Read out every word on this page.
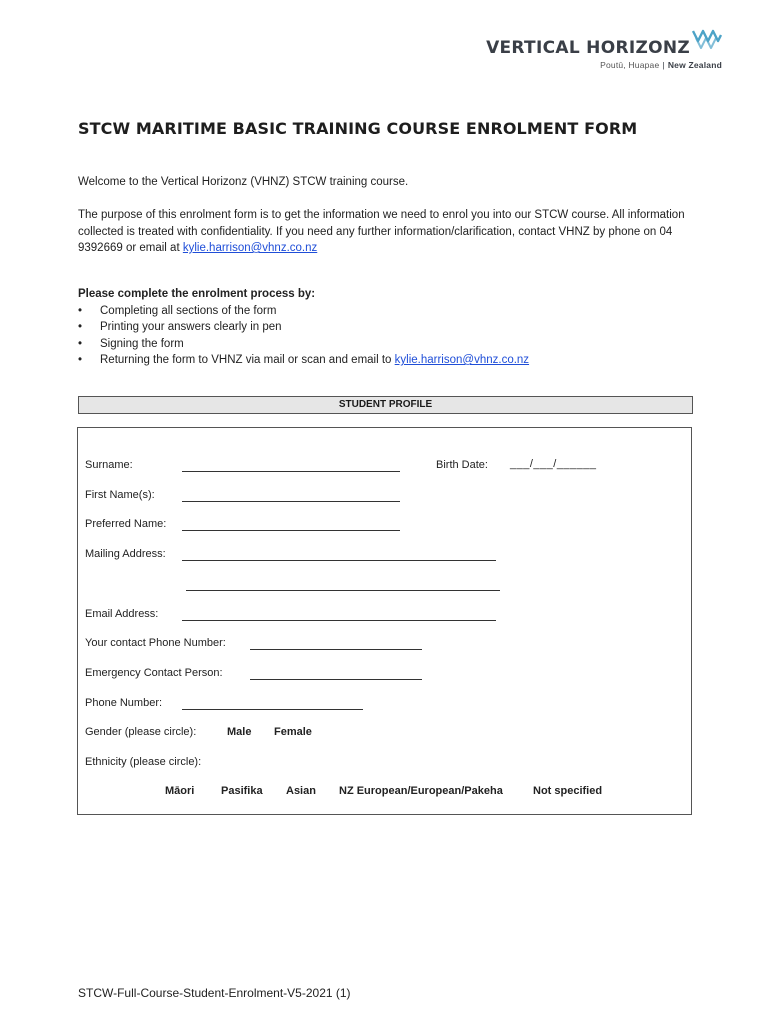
VERTICAL HORIZONZ
Poutū, Huapae | New Zealand
STCW MARITIME BASIC TRAINING COURSE ENROLMENT FORM
Welcome to the Vertical Horizonz (VHNZ) STCW training course.
The purpose of this enrolment form is to get the information we need to enrol you into our STCW course. All information collected is treated with confidentiality. If you need any further information/clarification, contact VHNZ by phone on 04 9392669 or email at kylie.harrison@vhnz.co.nz
Please complete the enrolment process by:
• Completing all sections of the form
• Printing your answers clearly in pen
• Signing the form
• Returning the form to VHNZ via mail or scan and email to kylie.harrison@vhnz.co.nz
STUDENT PROFILE
Surname:	Birth Date: ___/___/______
First Name(s):
Preferred Name:
Mailing Address:
Email Address:
Your contact Phone Number:
Emergency Contact Person:
Phone Number:
Gender (please circle):	Male Female
Ethnicity (please circle):
Māori Pasifika Asian NZ European/European/Pakeha	Not specified
STCW-Full-Course-Student-Enrolment-V5-2021 (1)
